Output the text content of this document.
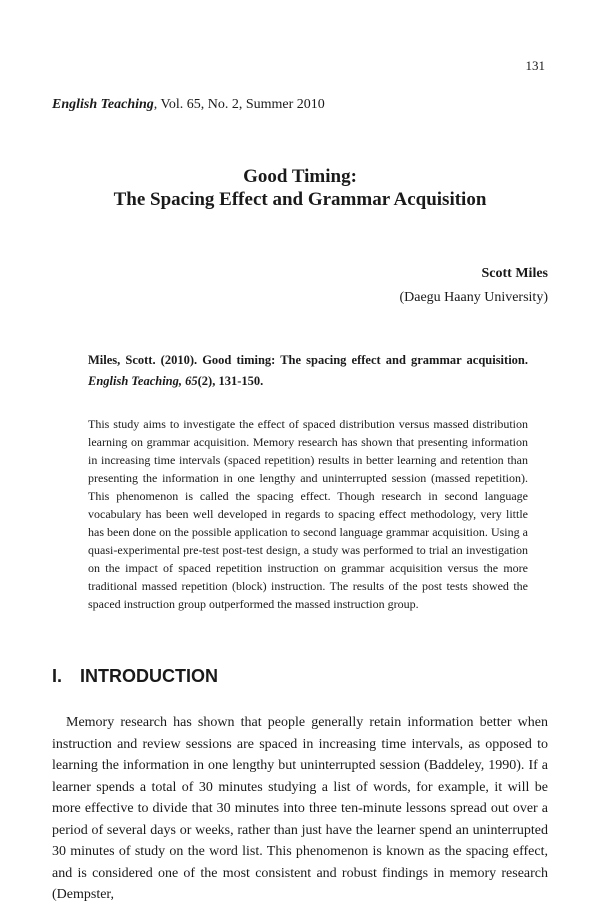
131
English Teaching, Vol. 65, No. 2, Summer 2010
Good Timing:
The Spacing Effect and Grammar Acquisition
Scott Miles
(Daegu Haany University)
Miles, Scott. (2010). Good timing: The spacing effect and grammar acquisition.
English Teaching, 65(2), 131-150.
This study aims to investigate the effect of spaced distribution versus massed distribution learning on grammar acquisition. Memory research has shown that presenting information in increasing time intervals (spaced repetition) results in better learning and retention than presenting the information in one lengthy and uninterrupted session (massed repetition). This phenomenon is called the spacing effect. Though research in second language vocabulary has been well developed in regards to spacing effect methodology, very little has been done on the possible application to second language grammar acquisition. Using a quasi-experimental pre-test post-test design, a study was performed to trial an investigation on the impact of spaced repetition instruction on grammar acquisition versus the more traditional massed repetition (block) instruction. The results of the post tests showed the spaced instruction group outperformed the massed instruction group.
I. INTRODUCTION
Memory research has shown that people generally retain information better when instruction and review sessions are spaced in increasing time intervals, as opposed to learning the information in one lengthy but uninterrupted session (Baddeley, 1990). If a learner spends a total of 30 minutes studying a list of words, for example, it will be more effective to divide that 30 minutes into three ten-minute lessons spread out over a period of several days or weeks, rather than just have the learner spend an uninterrupted 30 minutes of study on the word list. This phenomenon is known as the spacing effect, and is considered one of the most consistent and robust findings in memory research (Dempster,
